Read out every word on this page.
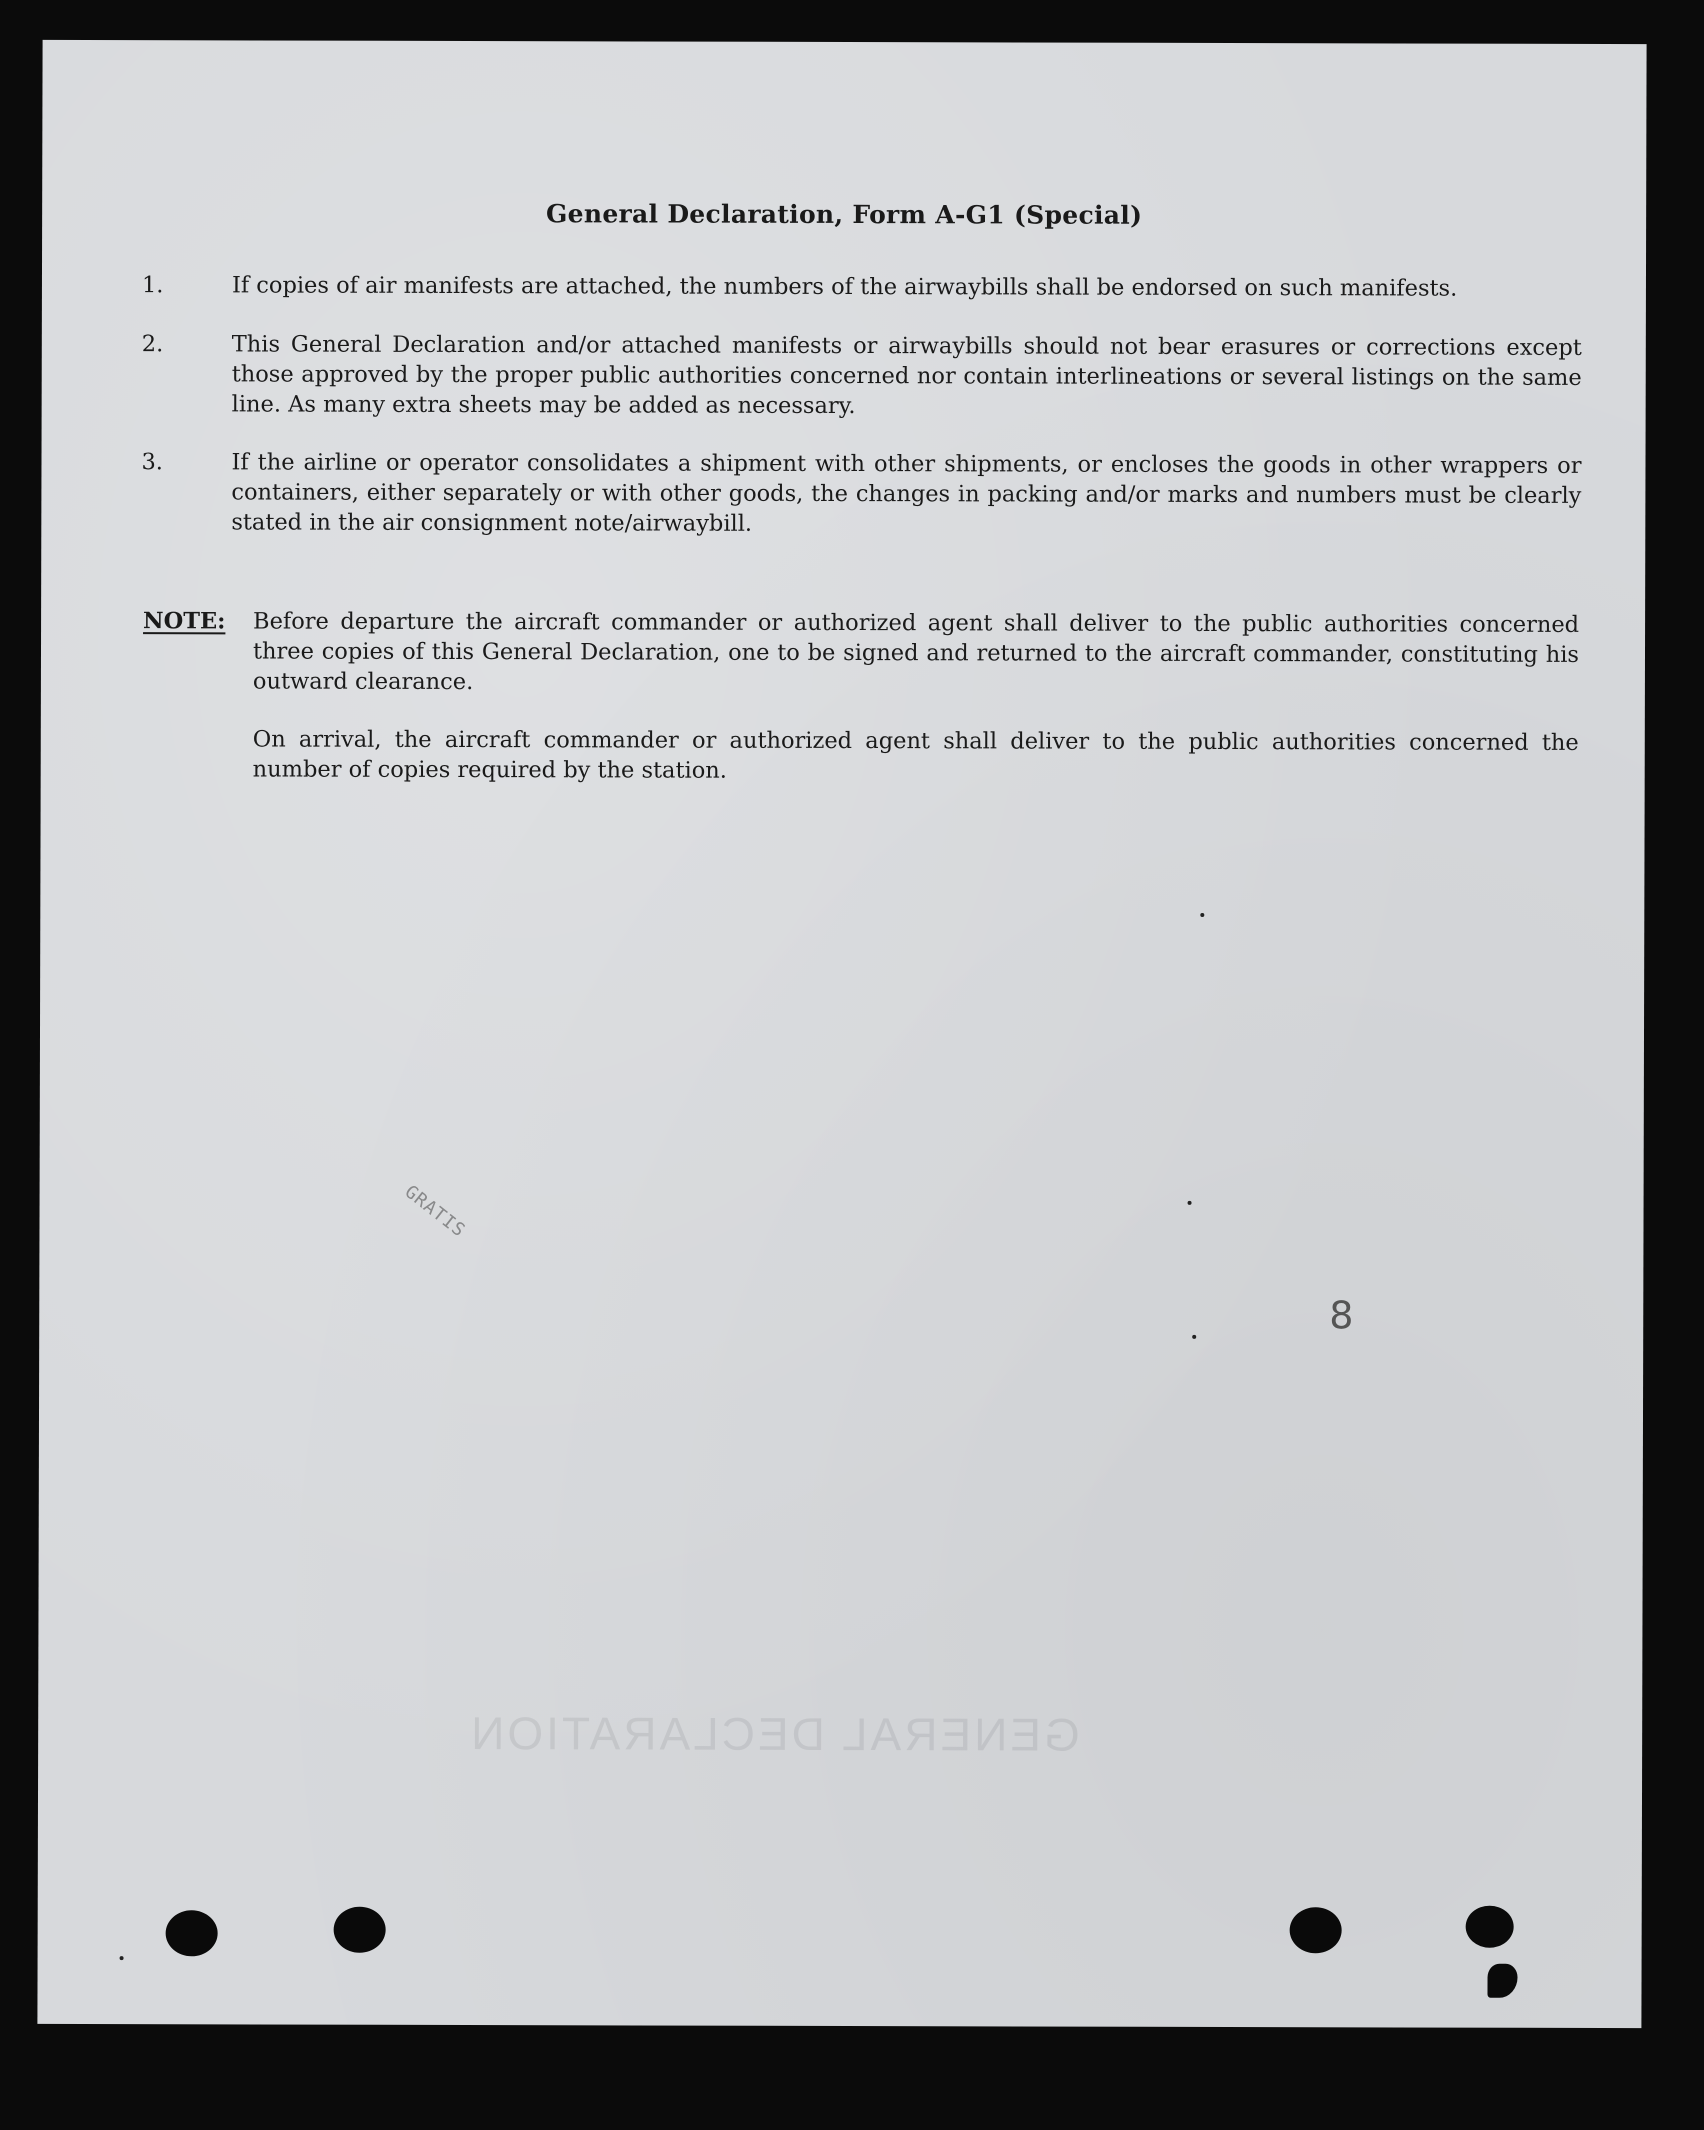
GENERAL DECLARATION
General Declaration, Form A-G1 (Special)
1.	If copies of air manifests are attached, the numbers of the airwaybills shall be endorsed on such manifests.
2.	This General Declaration and/or attached manifests or airwaybills should not bear erasures or corrections except those approved by the proper public authorities concerned nor contain interlineations or several listings on the same line. As many extra sheets may be added as necessary.
3.	If the airline or operator consolidates a shipment with other shipments, or encloses the goods in other wrappers or containers, either separately or with other goods, the changes in packing and/or marks and numbers must be clearly stated in the air consignment note/airwaybill.
NOTE: Before departure the aircraft commander or authorized agent shall deliver to the public authorities concerned three copies of this General Declaration, one to be signed and returned to the aircraft commander, constituting his outward clearance.
On arrival, the aircraft commander or authorized agent shall deliver to the public authorities concerned the number of copies required by the station.
GRATIS
8
